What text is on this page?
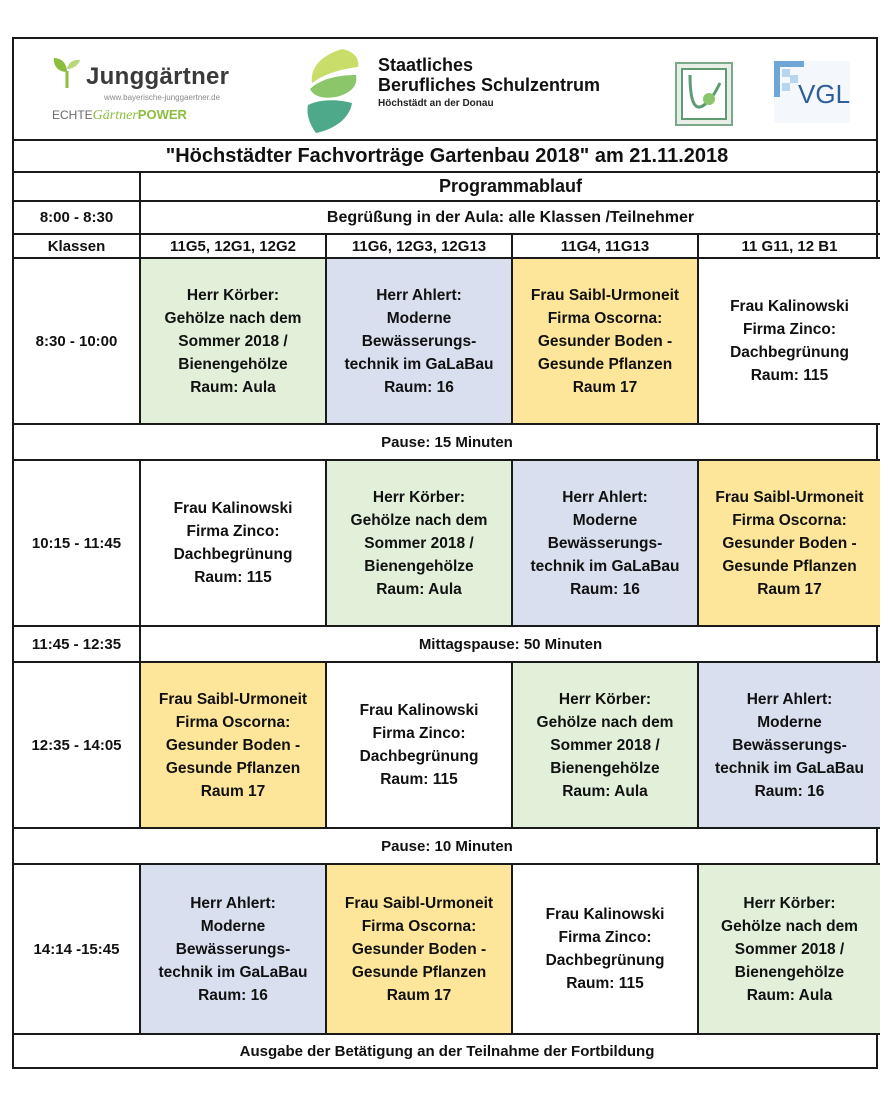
Junggärtner
www.bayerische-junggaertner.de
ECHTEGärtnerPOWER
Staatliches
Berufliches Schulzentrum
Höchstädt an der Donau	VGL
"Höchstädter Fachvorträge Gartenbau 2018" am 21.11.2018				
	Programmablauf			
8:00 - 8:30	Begrüßung in der Aula: alle Klassen /Teilnehmer			
Klassen	11G5, 12G1, 12G2	11G6, 12G3, 12G13	11G4, 11G13	11 G11, 12 B1
8:30 - 10:00	Herr Körber:
Gehölze nach dem
Sommer 2018 /
Bienengehölze
Raum: Aula	Herr Ahlert:
Moderne
Bewässerungs-
technik im GaLaBau
Raum: 16	Frau Saibl-Urmoneit
Firma Oscorna:
Gesunder Boden -
Gesunde Pflanzen
Raum 17	Frau Kalinowski
Firma Zinco:
Dachbegrünung
Raum: 115

Pause: 15 Minuten				
10:15 - 11:45	Frau Kalinowski
Firma Zinco:
Dachbegrünung
Raum: 115	Herr Körber:
Gehölze nach dem
Sommer 2018 /
Bienengehölze
Raum: Aula	Herr Ahlert:
Moderne
Bewässerungs-
technik im GaLaBau
Raum: 16	Frau Saibl-Urmoneit
Firma Oscorna:
Gesunder Boden -
Gesunde Pflanzen
Raum 17

11:45 - 12:35	Mittagspause: 50 Minuten			
12:35 - 14:05	Frau Saibl-Urmoneit
Firma Oscorna:
Gesunder Boden -
Gesunde Pflanzen
Raum 17	Frau Kalinowski
Firma Zinco:
Dachbegrünung
Raum: 115	Herr Körber:
Gehölze nach dem
Sommer 2018 /
Bienengehölze
Raum: Aula	Herr Ahlert:
Moderne
Bewässerungs-
technik im GaLaBau
Raum: 16

Pause: 10 Minuten				
14:14 -15:45	Herr Ahlert:
Moderne
Bewässerungs-
technik im GaLaBau
Raum: 16	Frau Saibl-Urmoneit
Firma Oscorna:
Gesunder Boden -
Gesunde Pflanzen
Raum 17	Frau Kalinowski
Firma Zinco:
Dachbegrünung
Raum: 115	Herr Körber:
Gehölze nach dem
Sommer 2018 /
Bienengehölze
Raum: Aula

Ausgabe der Betätigung an der Teilnahme der Fortbildung				
